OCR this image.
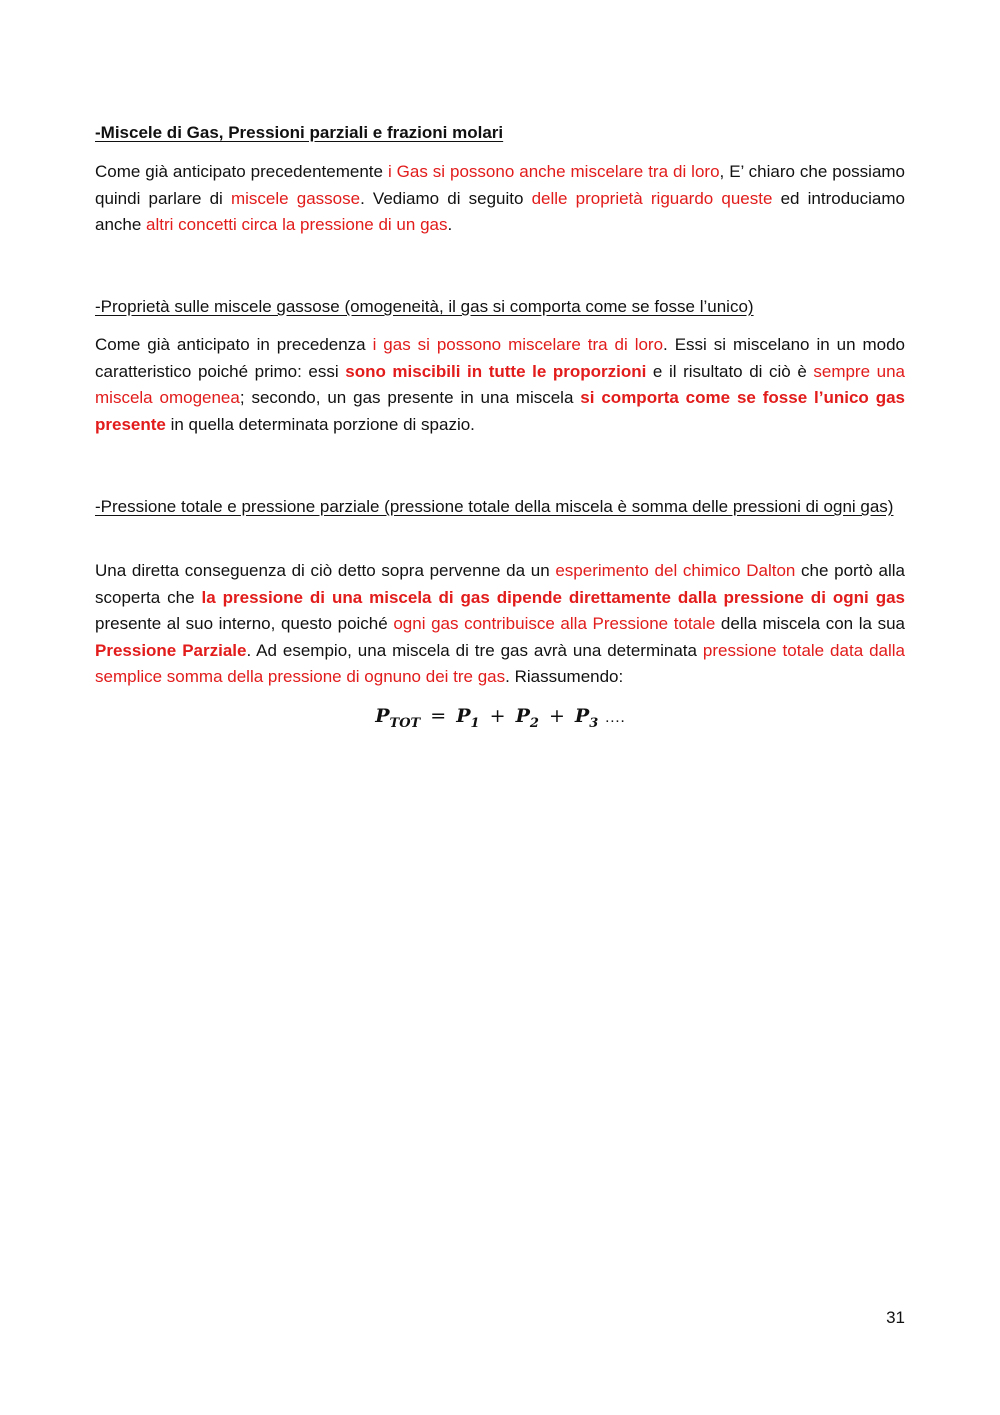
-Miscele di Gas, Pressioni parziali e frazioni molari

Come già anticipato precedentemente i Gas si possono anche miscelare tra di loro, E’ chiaro che possiamo quindi parlare di miscele gassose. Vediamo di seguito delle proprietà riguardo queste ed introduciamo anche altri concetti circa la pressione di un gas.

-Proprietà sulle miscele gassose (omogeneità, il gas si comporta come se fosse l’unico)

Come già anticipato in precedenza i gas si possono miscelare tra di loro. Essi si miscelano in un modo caratteristico poiché primo: essi sono miscibili in tutte le proporzioni e il risultato di ciò è sempre una miscela omogenea; secondo, un gas presente in una miscela si comporta come se fosse l’unico gas presente in quella determinata porzione di spazio.

-Pressione totale e pressione parziale (pressione totale della miscela è somma delle pressioni di ogni gas)

Una diretta conseguenza di ciò detto sopra pervenne da un esperimento del chimico Dalton che portò alla scoperta che la pressione di una miscela di gas dipende direttamente dalla pressione di ogni gas presente al suo interno, questo poiché ogni gas contribuisce alla Pressione totale della miscela con la sua Pressione Parziale. Ad esempio, una miscela di tre gas avrà una determinata pressione totale data dalla semplice somma della pressione di ognuno dei tre gas. Riassumendo:

$P_{TOT} = P_1 + P_2 + P_3$ ….
31
